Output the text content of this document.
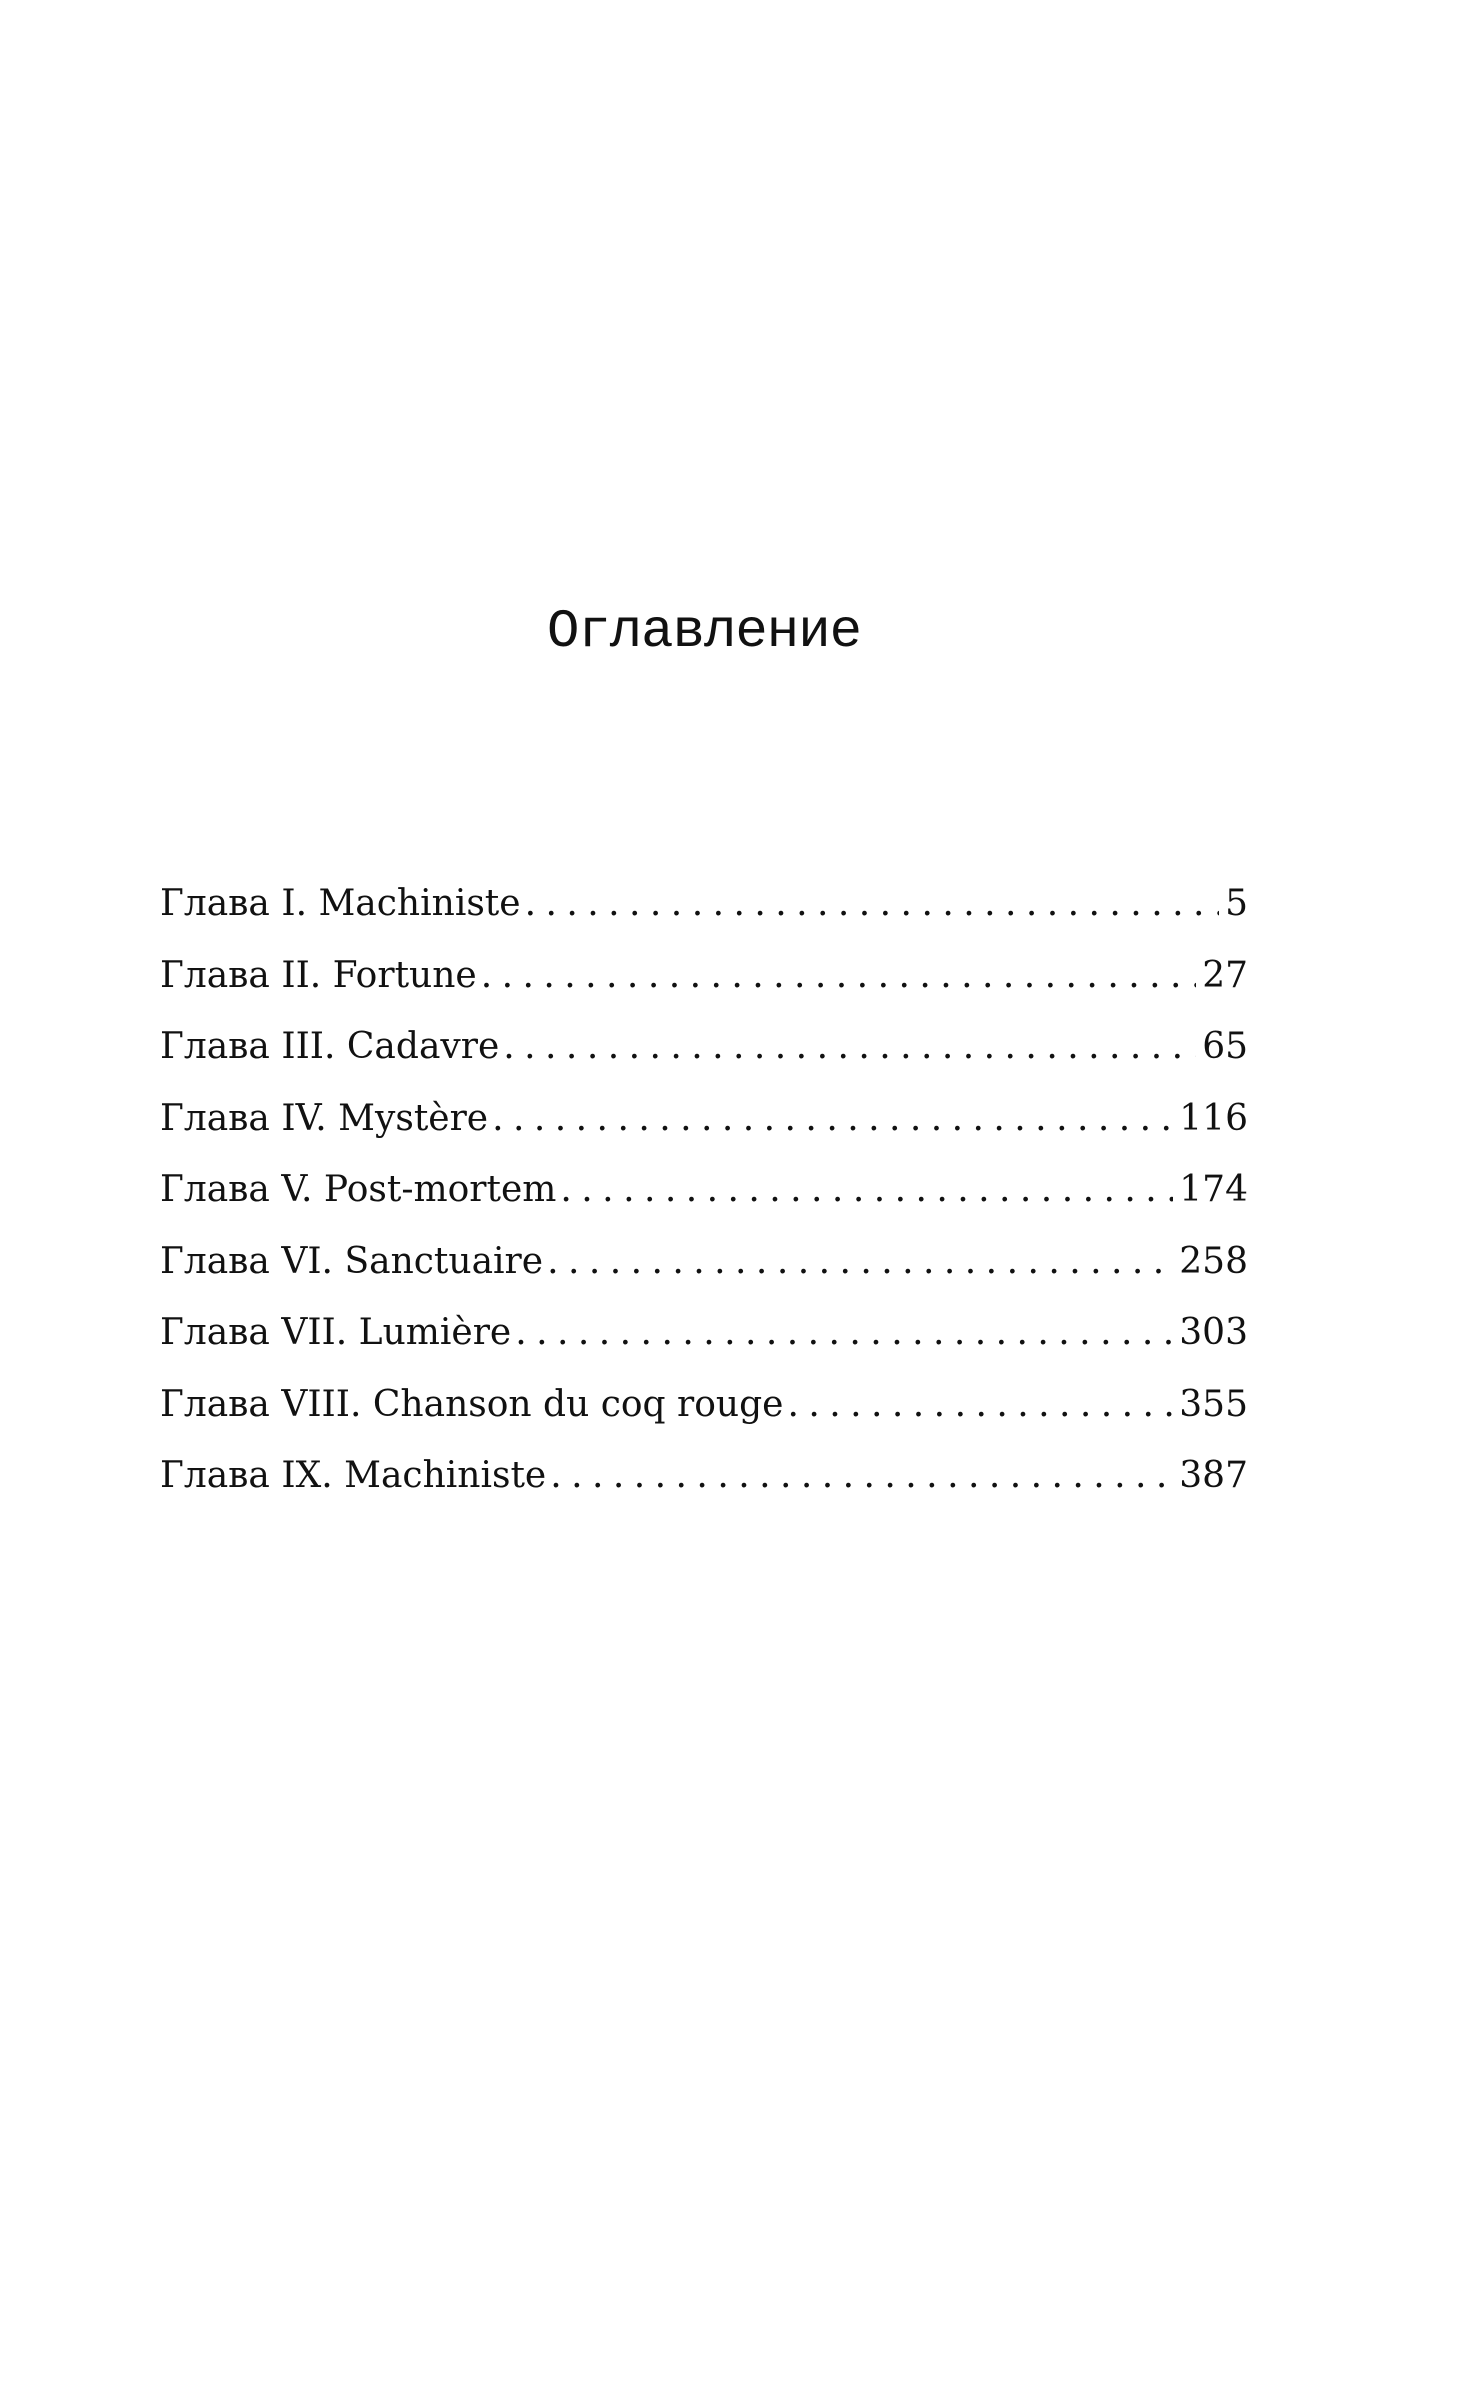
Оглавление
Глава I. Machiniste . . .	5
Глава II. Fortune . . .	27
Глава III. Cadavre . . .	65
Глава IV. Mystère . . .	116
Глава V. Post-mortem . . .	174
Глава VI. Sanctuaire . . .	258
Глава VII. Lumière . . .	303
Глава VIII. Chanson du coq rouge . . .	355
Глава IX. Machiniste . . .	387
